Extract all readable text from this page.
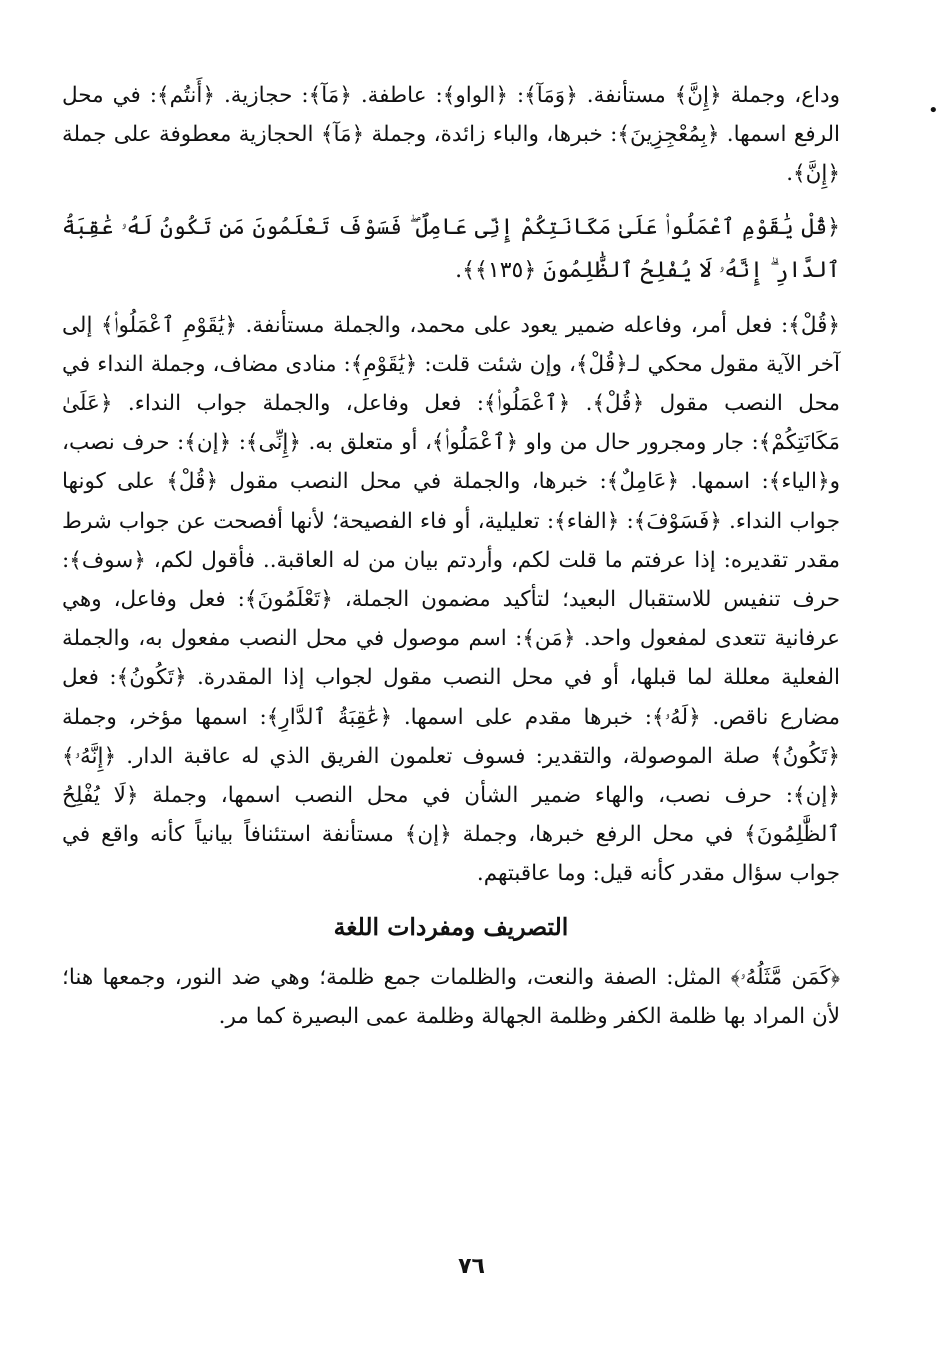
•

وداع، وجملة ﴿إِنَّ﴾ مستأنفة. ﴿وَمَآ﴾: ﴿الواو﴾: عاطفة. ﴿مَآ﴾: حجازية. ﴿أَنتُم﴾: في محل الرفع اسمها. ﴿بِمُعْجِزِينَ﴾: خبرها، والباء زائدة، وجملة ﴿مَآ﴾ الحجازية معطوفة على جملة ﴿إِنَّ﴾.

﴿قُلْ يَٰقَوْمِ ٱعْمَلُوا۟ عَلَىٰ مَكَانَتِكُمْ إِنِّى عَامِلٌ ۖ فَسَوْفَ تَعْلَمُونَ مَن تَكُونُ لَهُۥ عَٰقِبَةُ ٱلدَّارِ ۗ إِنَّهُۥ لَا يُفْلِحُ ٱلظَّٰلِمُونَ ﴿١٣٥﴾﴾.

﴿قُلْ﴾: فعل أمر، وفاعله ضمير يعود على محمد، والجملة مستأنفة. ﴿يَٰقَوْمِ ٱعْمَلُوا۟﴾ إلى آخر الآية مقول محكي لـ﴿قُلْ﴾، وإن شئت قلت: ﴿يَٰقَوْمِ﴾: منادى مضاف، وجملة النداء في محل النصب مقول ﴿قُلْ﴾. ﴿ٱعْمَلُوا۟﴾: فعل وفاعل، والجملة جواب النداء. ﴿عَلَىٰ مَكَانَتِكُمْ﴾: جار ومجرور حال من واو ﴿ٱعْمَلُوا۟﴾، أو متعلق به. ﴿إِنِّى﴾: ﴿إن﴾: حرف نصب، و﴿الياء﴾: اسمها. ﴿عَامِلٌ﴾: خبرها، والجملة في محل النصب مقول ﴿قُلْ﴾ على كونها جواب النداء. ﴿فَسَوْفَ﴾: ﴿الفاء﴾: تعليلية، أو فاء الفصيحة؛ لأنها أفصحت عن جواب شرط مقدر تقديره: إذا عرفتم ما قلت لكم، وأردتم بيان من له العاقبة.. فأقول لكم، ﴿سوف﴾: حرف تنفيس للاستقبال البعيد؛ لتأكيد مضمون الجملة، ﴿تَعْلَمُونَ﴾: فعل وفاعل، وهي عرفانية تتعدى لمفعول واحد. ﴿مَن﴾: اسم موصول في محل النصب مفعول به، والجملة الفعلية معللة لما قبلها، أو في محل النصب مقول لجواب إذا المقدرة. ﴿تَكُونُ﴾: فعل مضارع ناقص. ﴿لَهُۥ﴾: خبرها مقدم على اسمها. ﴿عَٰقِبَةُ ٱلدَّارِ﴾: اسمها مؤخر، وجملة ﴿تَكُونُ﴾ صلة الموصولة، والتقدير: فسوف تعلمون الفريق الذي له عاقبة الدار. ﴿إِنَّهُۥ﴾ ﴿إن﴾: حرف نصب، والهاء ضمير الشأن في محل النصب اسمها، وجملة ﴿لَا يُفْلِحُ ٱلظَّٰلِمُونَ﴾ في محل الرفع خبرها، وجملة ﴿إن﴾ مستأنفة استئنافاً بيانياً كأنه واقع في جواب سؤال مقدر كأنه قيل: وما عاقبتهم.

التصريف ومفردات اللغة

﴿كَمَن مَّثَلُهُۥ﴾ المثل: الصفة والنعت، والظلمات جمع ظلمة؛ وهي ضد النور، وجمعها هنا؛ لأن المراد بها ظلمة الكفر وظلمة الجهالة وظلمة عمى البصيرة كما مر.

٧٦
